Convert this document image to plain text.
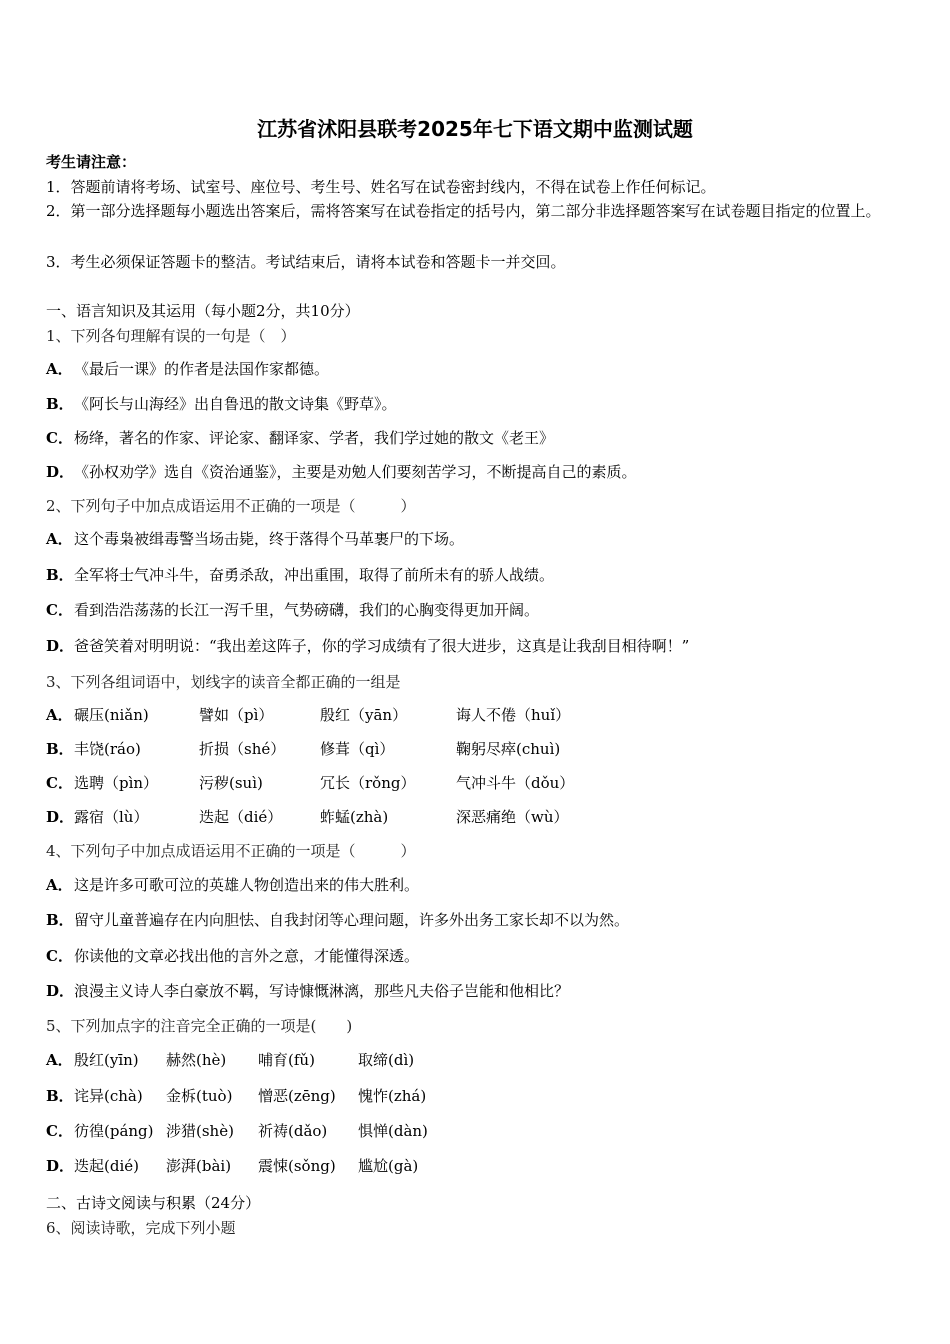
江苏省沭阳县联考2025年七下语文期中监测试题
考生请注意：
1．答题前请将考场、试室号、座位号、考生号、姓名写在试卷密封线内，不得在试卷上作任何标记。
2．第一部分选择题每小题选出答案后，需将答案写在试卷指定的括号内，第二部分非选择题答案写在试卷题目指定的位置上。
3．考生必须保证答题卡的整洁。考试结束后，请将本试卷和答题卡一并交回。
一、语言知识及其运用（每小题2分，共10分）
1、下列各句理解有误的一句是（　）
A．《最后一课》的作者是法国作家都德。
B．《阿长与山海经》出自鲁迅的散文诗集《野草》。
C．杨绛，著名的作家、评论家、翻译家、学者，我们学过她的散文《老王》
D．《孙权劝学》选自《资治通鉴》，主要是劝勉人们要刻苦学习，不断提高自己的素质。
2、下列句子中加点成语运用不正确的一项是（　　　）
A．这个毒枭被缉毒警当场击毙，终于落得个马革裹尸的下场。
B．全军将士气冲斗牛，奋勇杀敌，冲出重围，取得了前所未有的骄人战绩。
C．看到浩浩荡荡的长江一泻千里，气势磅礴，我们的心胸变得更加开阔。
D．爸爸笑着对明明说：“我出差这阵子，你的学习成绩有了很大进步，这真是让我刮目相待啊！”
3、下列各组词语中，划线字的读音全都正确的一组是
A．碾压(niǎn)	譬如（pì）	殷红（yān）	诲人不倦（huǐ）
B．丰饶(ráo)	折损（shé） 修葺（qì）	鞠躬尽瘁(chuì)
C．选聘（pìn）	污秽(suì)	冗长（rǒng）	气冲斗牛（dǒu）
D．露宿（lù）	迭起（dié）	蚱蜢(zhà)	深恶痛绝（wù）
4、下列句子中加点成语运用不正确的一项是（　　　）
A．这是许多可歌可泣的英雄人物创造出来的伟大胜利。
B．留守儿童普遍存在内向胆怯、自我封闭等心理问题，许多外出务工家长却不以为然。
C．你读他的文章必找出他的言外之意，才能懂得深透。
D．浪漫主义诗人李白豪放不羁，写诗慷慨淋漓，那些凡夫俗子岂能和他相比？
5、下列加点字的注音完全正确的一项是(　　)
A．殷红(yīn) 赫然(hè) 哺育(fǔ)	取缔(dì)
B．诧异(chà) 金柝(tuò) 憎恶(zēng) 愧怍(zhá)
C．彷徨(páng) 涉猎(shè) 祈祷(dǎo) 惧惮(dàn)
D．迭起(dié) 澎湃(bài) 震悚(sǒng) 尴尬(gà)
二、古诗文阅读与积累（24分）
6、阅读诗歌，完成下列小题
